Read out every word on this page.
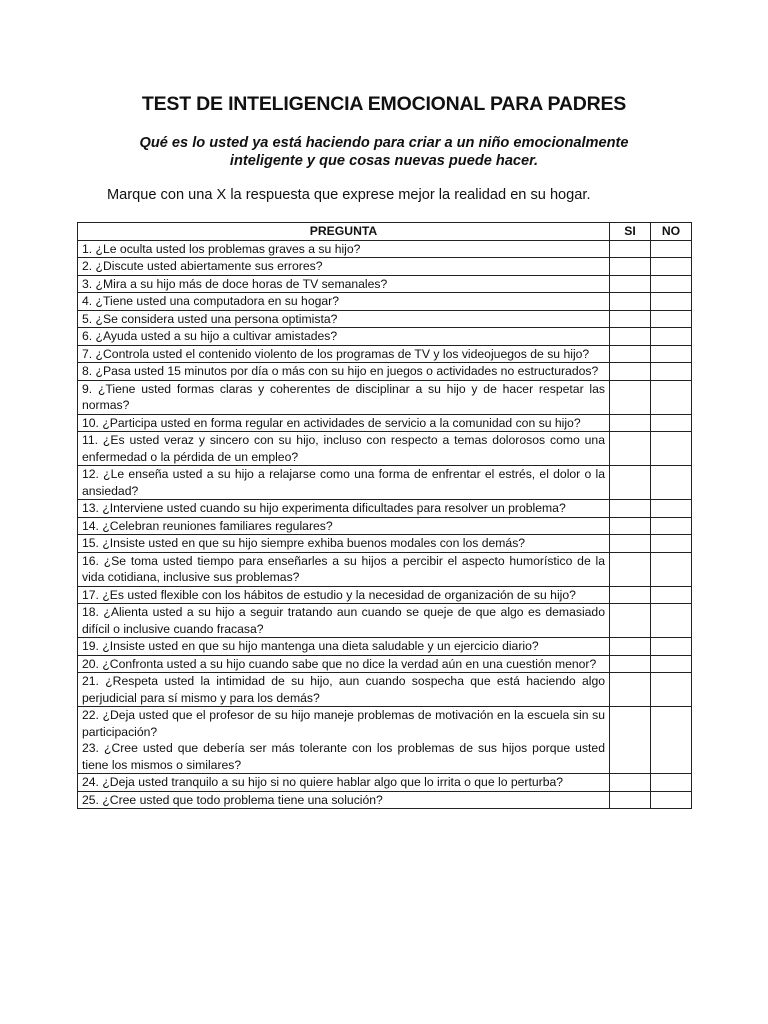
TEST DE INTELIGENCIA EMOCIONAL PARA PADRES
Qué es lo usted ya está haciendo para criar a un niño emocionalmente inteligente y que cosas nuevas puede hacer.
Marque con una X la respuesta que exprese mejor la realidad en su hogar.
PREGUNTA	SI	NO

1. ¿Le oculta usted los problemas graves a su hijo?		

2. ¿Discute usted abiertamente sus errores?		

3. ¿Mira a su hijo más de doce horas de TV semanales?		

4. ¿Tiene usted una computadora en su hogar?		

5. ¿Se considera usted una persona optimista?		

6. ¿Ayuda usted a su hijo a cultivar amistades?		

7. ¿Controla usted el contenido violento de los programas de TV y los videojuegos de su hijo?		

8. ¿Pasa usted 15 minutos por día o más con su hijo en juegos o actividades no estructurados?		

9. ¿Tiene usted formas claras y coherentes de disciplinar a su hijo y de hacer respetar las normas?		

10. ¿Participa usted en forma regular en actividades de servicio a la comunidad con su hijo?		

11. ¿Es usted veraz y sincero con su hijo, incluso con respecto a temas dolorosos como una enfermedad o la pérdida de un empleo?		

12. ¿Le enseña usted a su hijo a relajarse como una forma de enfrentar el estrés, el dolor o la ansiedad?		

13. ¿Interviene usted cuando su hijo experimenta dificultades para resolver un problema?		

14. ¿Celebran reuniones familiares regulares?		

15. ¿Insiste usted en que su hijo siempre exhiba buenos modales con los demás?		

16. ¿Se toma usted tiempo para enseñarles a su hijos a percibir el aspecto humorístico de la vida cotidiana, inclusive sus problemas?		

17. ¿Es usted flexible con los hábitos de estudio y la necesidad de organización de su hijo?		

18. ¿Alienta usted a su hijo a seguir tratando aun cuando se queje de que algo es demasiado difícil o inclusive cuando fracasa?		

19. ¿Insiste usted en que su hijo mantenga una dieta saludable y un ejercicio diario?		

20. ¿Confronta usted a su hijo cuando sabe que no dice la verdad aún en una cuestión menor?		

21. ¿Respeta usted la intimidad de su hijo, aun cuando sospecha que está haciendo algo perjudicial para sí mismo y para los demás?		

22. ¿Deja usted que el profesor de su hijo maneje problemas de motivación en la escuela sin su participación?
23. ¿Cree usted que debería ser más tolerante con los problemas de sus hijos porque usted tiene los mismos o similares?		

24. ¿Deja usted tranquilo a su hijo si no quiere hablar algo que lo irrita o que lo perturba?		

25. ¿Cree usted que todo problema tiene una solución?		
